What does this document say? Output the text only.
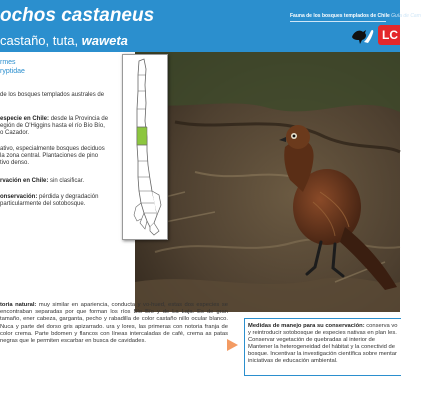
ochos castaneus
castaño, tuta, waweta
Fauna de los bosques templados de Chile Guía de Cam
LC
rmes
ryptidae
de los bosques templados australes de
especie en Chile: desde la Provincia de
egión de O'Higgins hasta el río Bío Bío,
o Cazador.
ativo, especialmente bosques deciduos
la zona central. Plantaciones de pino
tivo denso.
rvación en Chile: sin clasificar.
onservación: pérdida y degradación
particularmente del sotobosque.
toria natural: muy similar en apariencia, conducta y vo-hued, estas dos especies se encontraban separadas por que forman los ríos Bío Bío y de La Laja. Es de gran tamaño, ener cabeza, garganta, pecho y rabadilla de color castaño nillo ocular blanco. Nuca y parte del dorso gris apizarrado. ura y lores, las primeras con notoria franja de color crema. Parte bdomen y flancos con líneas intercaladas de café, crema as patas negras que le permiten escarbar en busca de cavidades.
Medidas de manejo para su conservación: conserva vo y reintroducir sotobosque de especies nativas en plan les. Conservar vegetación de quebradas al interior de Mantener la heterogeneidad del hábitat y la conectivid de bosque. Incentivar la investigación científica sobre mentar iniciativas de educación ambiental.
